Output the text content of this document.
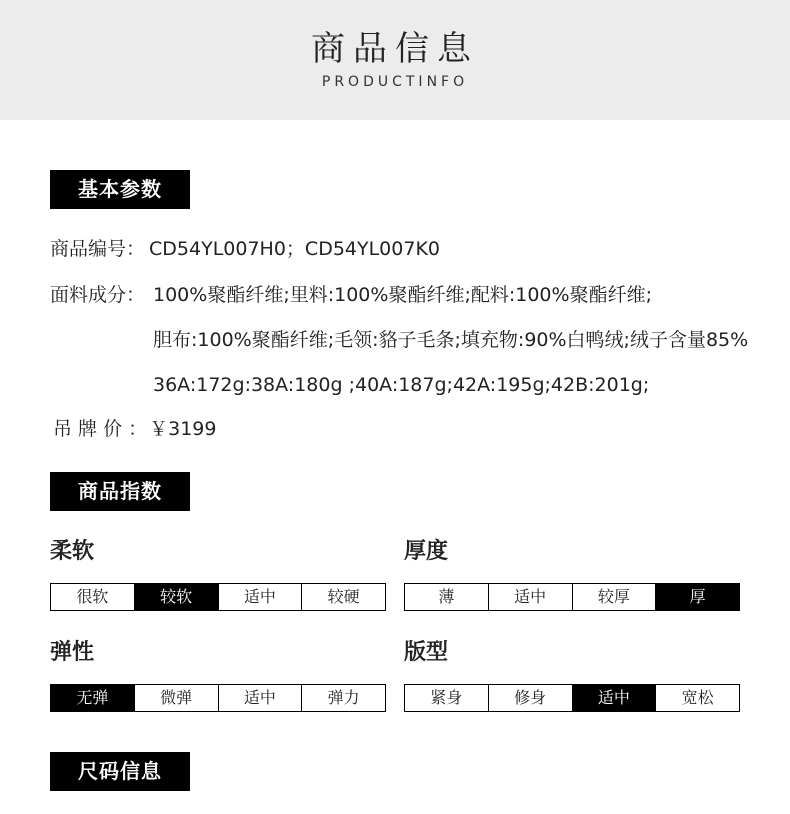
商品信息
PRODUCTINFO
基本参数
商品编号： CD54YL007H0；CD54YL007K0
面料成分： 100%聚酯纤维;里料:100%聚酯纤维;配料:100%聚酯纤维;
胆布:100%聚酯纤维;毛领:貉子毛条;填充物:90%白鸭绒;绒子含量85%
36A:172g:38A:180g ;40A:187g;42A:195g;42B:201g;
吊 牌 价 ： ￥3199
商品指数
柔软
很软	较软	适中	较硬
厚度
薄	适中	较厚	厚
弹性
无弹	微弹	适中	弹力
版型
紧身	修身	适中	宽松
尺码信息
